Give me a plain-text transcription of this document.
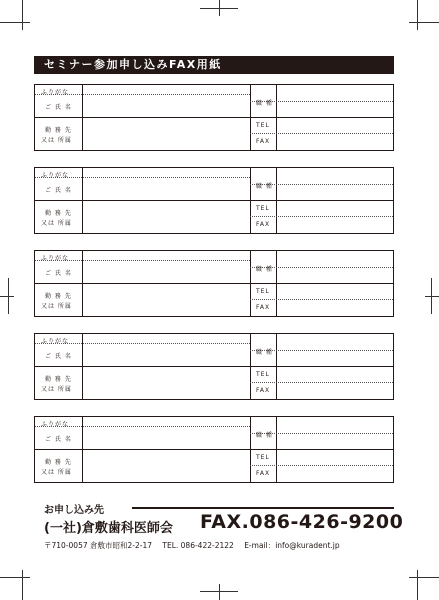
セミナー参加申し込みFAX用紙
ふりがな
ご 氏 名
職 種
勤 務 先
又は 所属
TEL
FAX
ふりがな
ご 氏 名
職 種
勤 務 先
又は 所属
TEL
FAX
ふりがな
ご 氏 名
職 種
勤 務 先
又は 所属
TEL
FAX
ふりがな
ご 氏 名
職 種
勤 務 先
又は 所属
TEL
FAX
ふりがな
ご 氏 名
職 種
勤 務 先
又は 所属
TEL
FAX
お申し込み先
(一社)倉敷歯科医師会 FAX.086-426-9200
〒710-0057 倉敷市昭和2-2-17 TEL. 086-422-2122 E-mail：info@kuradent.jp
